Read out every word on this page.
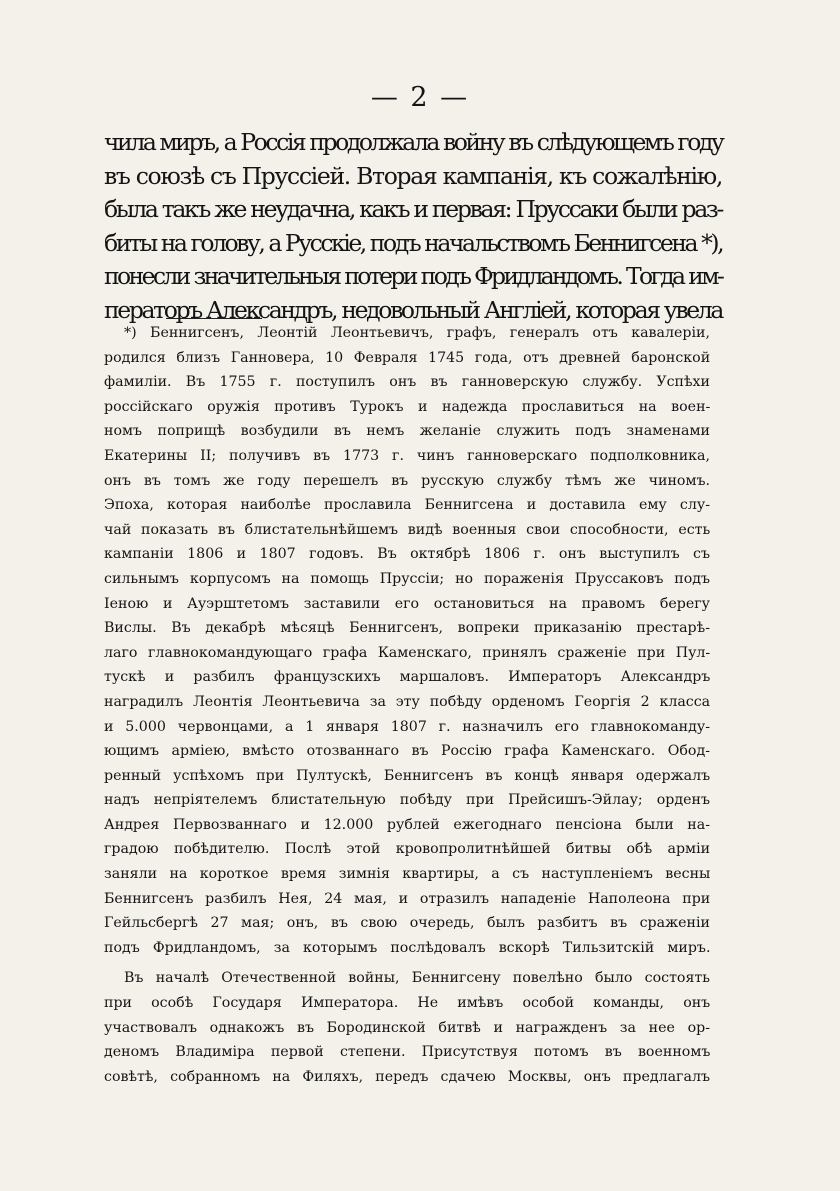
— 2 —
чила миръ, а Россія продолжала войну въ слѣдующемъ году
въ союзѣ съ Пруссіей. Вторая кампанія, къ сожалѣнію,
была такъ же неудачна, какъ и первая: Пруссаки были раз-
биты на голову, а Русскіе, подъ начальствомъ Беннигсена *),
понесли значительныя потери подъ Фридландомъ. Тогда им-
ператоръ Александръ, недовольный Англіей, которая увела
*) Беннигсенъ, Леонтій Леонтьевичъ, графъ, генералъ отъ кавалеріи,
родился близъ Ганновера, 10 Февраля 1745 года, отъ древней баронской
фамиліи. Въ 1755 г. поступилъ онъ въ ганноверскую службу. Успѣхи
россійскаго оружія противъ Турокъ и надежда прославиться на воен-
номъ поприщѣ возбудили въ немъ желаніе служить подъ знаменами
Екатерины II; получивъ въ 1773 г. чинъ ганноверскаго подполковника,
онъ въ томъ же году перешелъ въ русскую службу тѣмъ же чиномъ.
Эпоха, которая наиболѣе прославила Беннигсена и доставила ему слу-
чай показать въ блистательнѣйшемъ видѣ военныя свои способности, есть
кампаніи 1806 и 1807 годовъ. Въ октябрѣ 1806 г. онъ выступилъ съ
сильнымъ корпусомъ на помощь Пруссіи; но пораженія Пруссаковъ подъ
Іеною и Ауэрштетомъ заставили его остановиться на правомъ берегу
Вислы. Въ декабрѣ мѣсяцѣ Беннигсенъ, вопреки приказанію престарѣ-
лаго главнокомандующаго графа Каменскаго, принялъ сраженіе при Пул-
тускѣ и разбилъ французскихъ маршаловъ. Императоръ Александръ
наградилъ Леонтія Леонтьевича за эту побѣду орденомъ Георгія 2 класса
и 5.000 червонцами, а 1 января 1807 г. назначилъ его главнокоманду-
ющимъ арміею, вмѣсто отозваннаго въ Россію графа Каменскаго. Обод-
ренный успѣхомъ при Пултускѣ, Беннигсенъ въ концѣ января одержалъ
надъ непріятелемъ блистательную побѣду при Прейсишъ-Эйлау; орденъ
Андрея Первозваннаго и 12.000 рублей ежегоднаго пенсіона были на-
градою побѣдителю. Послѣ этой кровопролитнѣйшей битвы обѣ арміи
заняли на короткое время зимнія квартиры, а съ наступленіемъ весны
Беннигсенъ разбилъ Нея, 24 мая, и отразилъ нападеніе Наполеона при
Гейльсбергѣ 27 мая; онъ, въ свою очередь, былъ разбитъ въ сраженіи
подъ Фридландомъ, за которымъ послѣдовалъ вскорѣ Тильзитскій миръ.
Въ началѣ Отечественной войны, Беннигсену повелѣно было состоять
при особѣ Государя Императора. Не имѣвъ особой команды, онъ
участвовалъ однакожъ въ Бородинской битвѣ и награжденъ за нее ор-
деномъ Владиміра первой степени. Присутствуя потомъ въ военномъ
совѣтѣ, собранномъ на Филяхъ, передъ сдачею Москвы, онъ предлагалъ
